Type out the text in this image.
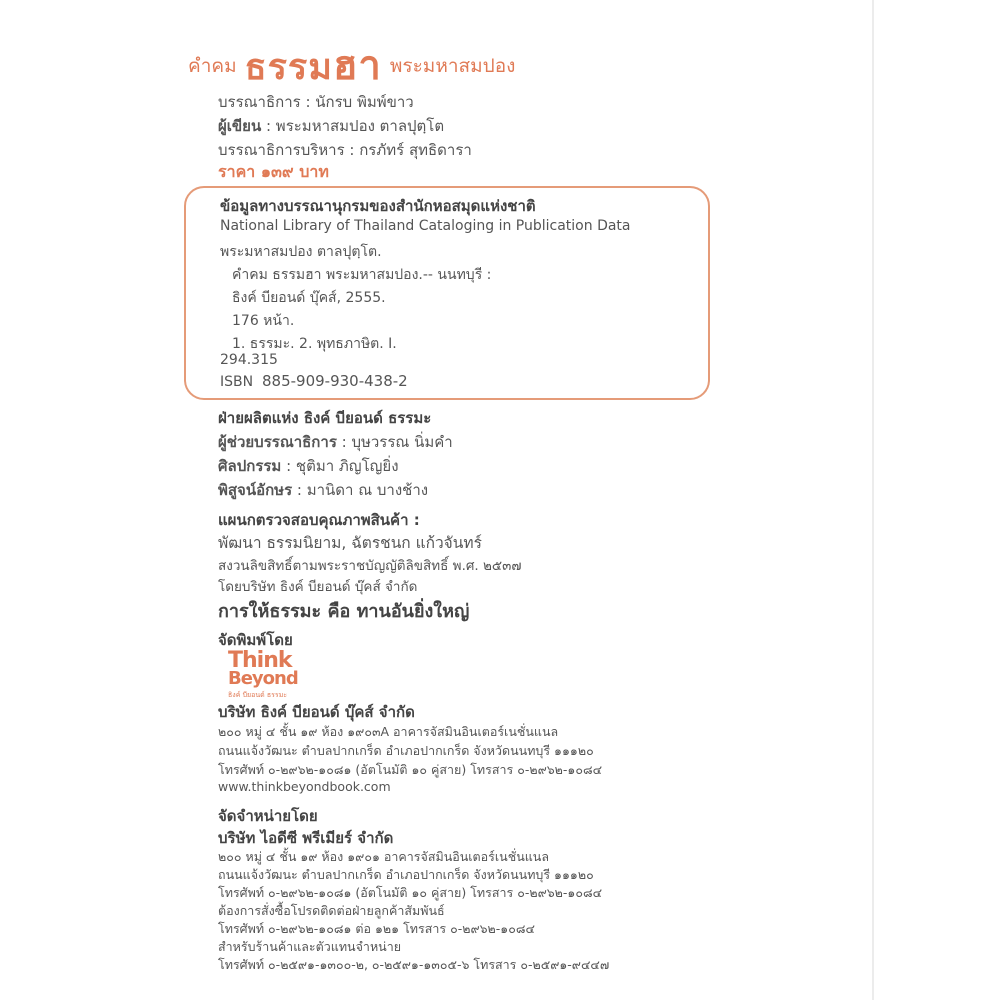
คำคม ธรรมฮา พระมหาสมปอง
บรรณาธิการ : นักรบ พิมพ์ขาว
ผู้เขียน : พระมหาสมปอง ตาลปุตฺโต
บรรณาธิการบริหาร : กรภัทร์ สุทธิดารา
ราคา ๑๓๙ บาท
ข้อมูลทางบรรณานุกรมของสำนักหอสมุดแห่งชาติ
National Library of Thailand Cataloging in Publication Data
พระมหาสมปอง ตาลปุตฺโต.
คำคม ธรรมฮา พระมหาสมปอง.-- นนทบุรี :
ธิงค์ บียอนด์ บุ๊คส์, 2555.
176 หน้า.
1. ธรรมะ. 2. พุทธภาษิต. I.
294.315
ISBN 885-909-930-438-2
ฝ่ายผลิตแห่ง ธิงค์ บียอนด์ ธรรมะ
ผู้ช่วยบรรณาธิการ : บุษวรรณ นิ่มคำ
ศิลปกรรม : ชุติมา ภิญโญยิ่ง
พิสูจน์อักษร : มานิดา ณ บางช้าง
แผนกตรวจสอบคุณภาพสินค้า :
พัฒนา ธรรมนิยาม, ฉัตรชนก แก้วจันทร์
สงวนลิขสิทธิ์ตามพระราชบัญญัติลิขสิทธิ์ พ.ศ. ๒๕๓๗
โดยบริษัท ธิงค์ บียอนด์ บุ๊คส์ จำกัด
การให้ธรรมะ คือ ทานอันยิ่งใหญ่
จัดพิมพ์โดย
Think
Beyond
ธิงค์ บียอนด์ ธรรมะ
บริษัท ธิงค์ บียอนด์ บุ๊คส์ จำกัด
๒๐๐ หมู่ ๔ ชั้น ๑๙ ห้อง ๑๙๐๓A อาคารจัสมินอินเตอร์เนชั่นแนล
ถนนแจ้งวัฒนะ ตำบลปากเกร็ด อำเภอปากเกร็ด จังหวัดนนทบุรี ๑๑๑๒๐
โทรศัพท์ ๐-๒๙๖๒-๑๐๘๑ (อัตโนมัติ ๑๐ คู่สาย) โทรสาร ๐-๒๙๖๒-๑๐๘๔
www.thinkbeyondbook.com
จัดจำหน่ายโดย
บริษัท ไอดีซี พรีเมียร์ จำกัด
๒๐๐ หมู่ ๔ ชั้น ๑๙ ห้อง ๑๙๐๑ อาคารจัสมินอินเตอร์เนชั่นแนล
ถนนแจ้งวัฒนะ ตำบลปากเกร็ด อำเภอปากเกร็ด จังหวัดนนทบุรี ๑๑๑๒๐
โทรศัพท์ ๐-๒๙๖๒-๑๐๘๑ (อัตโนมัติ ๑๐ คู่สาย) โทรสาร ๐-๒๙๖๒-๑๐๘๔
ต้องการสั่งซื้อโปรดติดต่อฝ่ายลูกค้าสัมพันธ์
โทรศัพท์ ๐-๒๙๖๒-๑๐๘๑ ต่อ ๑๒๑ โทรสาร ๐-๒๙๖๒-๑๐๘๔
สำหรับร้านค้าและตัวแทนจำหน่าย
โทรศัพท์ ๐-๒๕๙๑-๑๓๐๐-๒, ๐-๒๕๙๑-๑๓๐๕-๖ โทรสาร ๐-๒๕๙๑-๙๔๔๗
